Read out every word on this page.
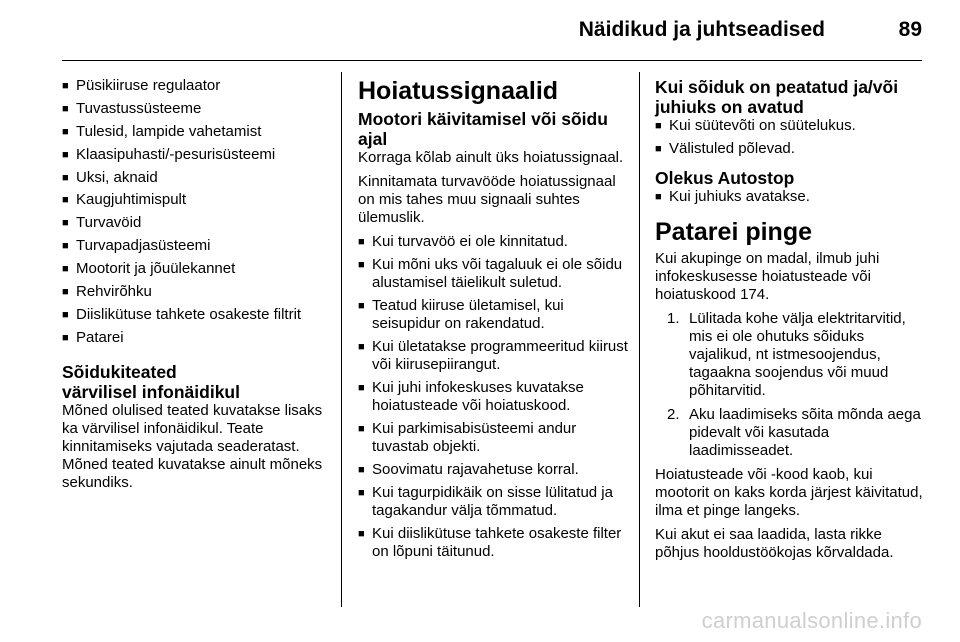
Näidikud ja juhtseadised	89
■ Püsikiiruse regulaator
■ Tuvastussüsteeme
■ Tulesid, lampide vahetamist
■ Klaasipuhasti/-pesurisüsteemi
■ Uksi, aknaid
■ Kaugjuhtimispult
■ Turvavöid
■ Turvapadjasüsteemi
■ Mootorit ja jõuülekannet
■ Rehvirõhku
■ Diislikütuse tahkete osakeste filtrit
■ Patarei
Sõidukiteated
värvilisel infonäidikul

Mõned olulised teated kuvatakse lisaks ka värvilisel infonäidikul. Teate kinnitamiseks vajutada seaderatast. Mõned teated kuvatakse ainult mõneks sekundiks.

Hoiatussignaalid
Mootori käivitamisel või sõidu ajal

Korraga kõlab ainult üks hoiatussignaal.

Kinnitamata turvavööde hoiatussignaal on mis tahes muu signaali suhtes ülemuslik.

■ Kui turvavöö ei ole kinnitatud.
■ Kui mõni uks või tagaluuk ei ole sõidu alustamisel täielikult suletud.
■ Teatud kiiruse ületamisel, kui seisupidur on rakendatud.
■ Kui ületatakse programmeeritud kiirust või kiirusepiirangut.
■ Kui juhi infokeskuses kuvatakse hoiatusteade või hoiatuskood.
■ Kui parkimisabisüsteemi andur tuvastab objekti.
■ Soovimatu rajavahetuse korral.
■ Kui tagurpidikäik on sisse lülitatud ja tagakandur välja tõmmatud.
■ Kui diislikütuse tahkete osakeste filter on lõpuni täitunud.
Kui sõiduk on peatatud ja/või juhiuks on avatud
■ Kui süütevõti on süütelukus.
■ Välistuled põlevad.
Olekus Autostop
■ Kui juhiuks avatakse.
Patarei pinge

Kui akupinge on madal, ilmub juhi infokeskusesse hoiatusteade või hoiatuskood 174.

1. Lülitada kohe välja elektritarvitid, mis ei ole ohutuks sõiduks vajalikud, nt istmesoojendus, tagaakna soojendus või muud põhitarvitid.
2. Aku laadimiseks sõita mõnda aega pidevalt või kasutada laadimisseadet.

Hoiatusteade või -kood kaob, kui mootorit on kaks korda järjest käivitatud, ilma et pinge langeks.

Kui akut ei saa laadida, lasta rikke põhjus hooldustöökojas kõrvaldada.

carmanualsonline.info
